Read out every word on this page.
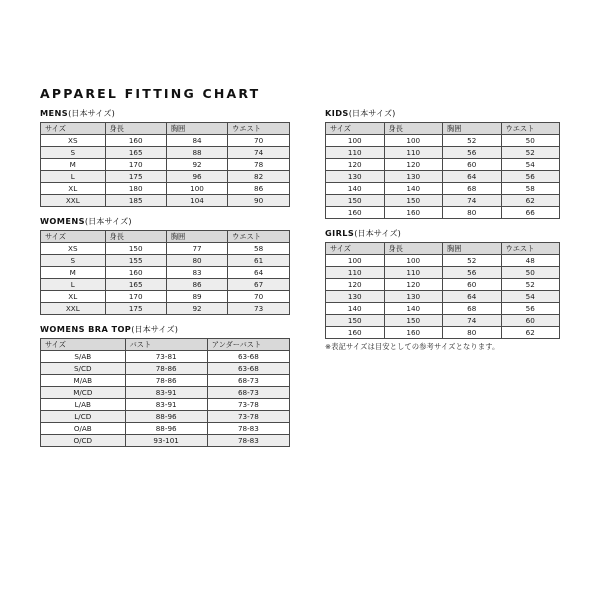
APPAREL FITTING CHART
MENS(日本サイズ)
サイズ	身長	胸囲	ウエスト
XS	160	84	70
S	165	88	74
M	170	92	78
L	175	96	82
XL	180	100	86
XXL	185	104	90
WOMENS(日本サイズ)
サイズ	身長	胸囲	ウエスト
XS	150	77	58
S	155	80	61
M	160	83	64
L	165	86	67
XL	170	89	70
XXL	175	92	73
WOMENS BRA TOP(日本サイズ)
サイズ	バスト	アンダーバスト
S/AB	73-81	63-68
S/CD	78-86	63-68
M/AB	78-86	68-73
M/CD	83-91	68-73
L/AB	83-91	73-78
L/CD	88-96	73-78
O/AB	88-96	78-83
O/CD	93-101	78-83
KIDS(日本サイズ)
サイズ	身長	胸囲	ウエスト
100	100	52	50
110	110	56	52
120	120	60	54
130	130	64	56
140	140	68	58
150	150	74	62
160	160	80	66
GIRLS(日本サイズ)
サイズ	身長	胸囲	ウエスト
100	100	52	48
110	110	56	50
120	120	60	52
130	130	64	54
140	140	68	56
150	150	74	60
160	160	80	62
※表記サイズは目安としての参考サイズとなります。
